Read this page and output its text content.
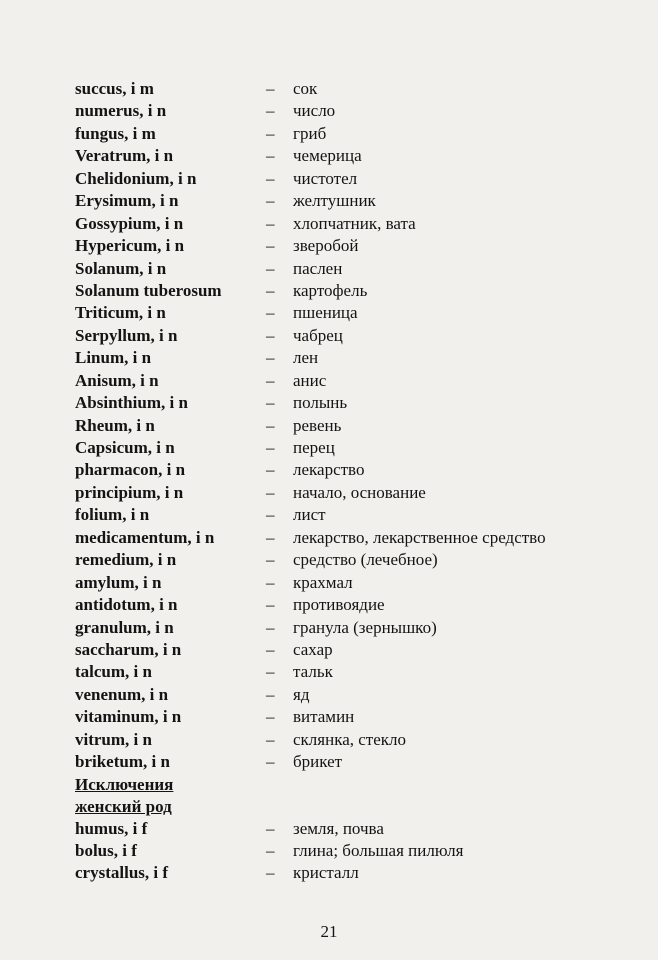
succus, i m	– сок
numerus, i n	– число
fungus, i m	– гриб
Veratrum, i n	– чемерица
Chelidonium, i n	– чистотел
Erysimum, i n	– желтушник
Gossypium, i n	– хлопчатник, вата
Hypericum, i n	– зверобой
Solanum, i n	– паслен
Solanum tuberosum	– картофель
Triticum, i n	– пшеница
Serpyllum, i n	– чабрец
Linum, i n	– лен
Anisum, i n	– анис
Absinthium, i n	– полынь
Rheum, i n	– ревень
Capsicum, i n	– перец
pharmacon, i n	– лекарство
principium, i n	– начало, основание
folium, i n	– лист
medicamentum, i n	– лекарство, лекарственное средство
remedium, i n	– средство (лечебное)
amylum, i n	– крахмал
antidotum, i n	– противоядие
granulum, i n	– гранула (зернышко)
saccharum, i n	– сахар
talcum, i n	– тальк
venenum, i n	– яд
vitaminum, i n	– витамин
vitrum, i n	– склянка, стекло
briketum, i n	– брикет
Исключения
женский род
humus, i f	– земля, почва
bolus, i f	– глина; большая пилюля
crystallus, i f	– кристалл
21
